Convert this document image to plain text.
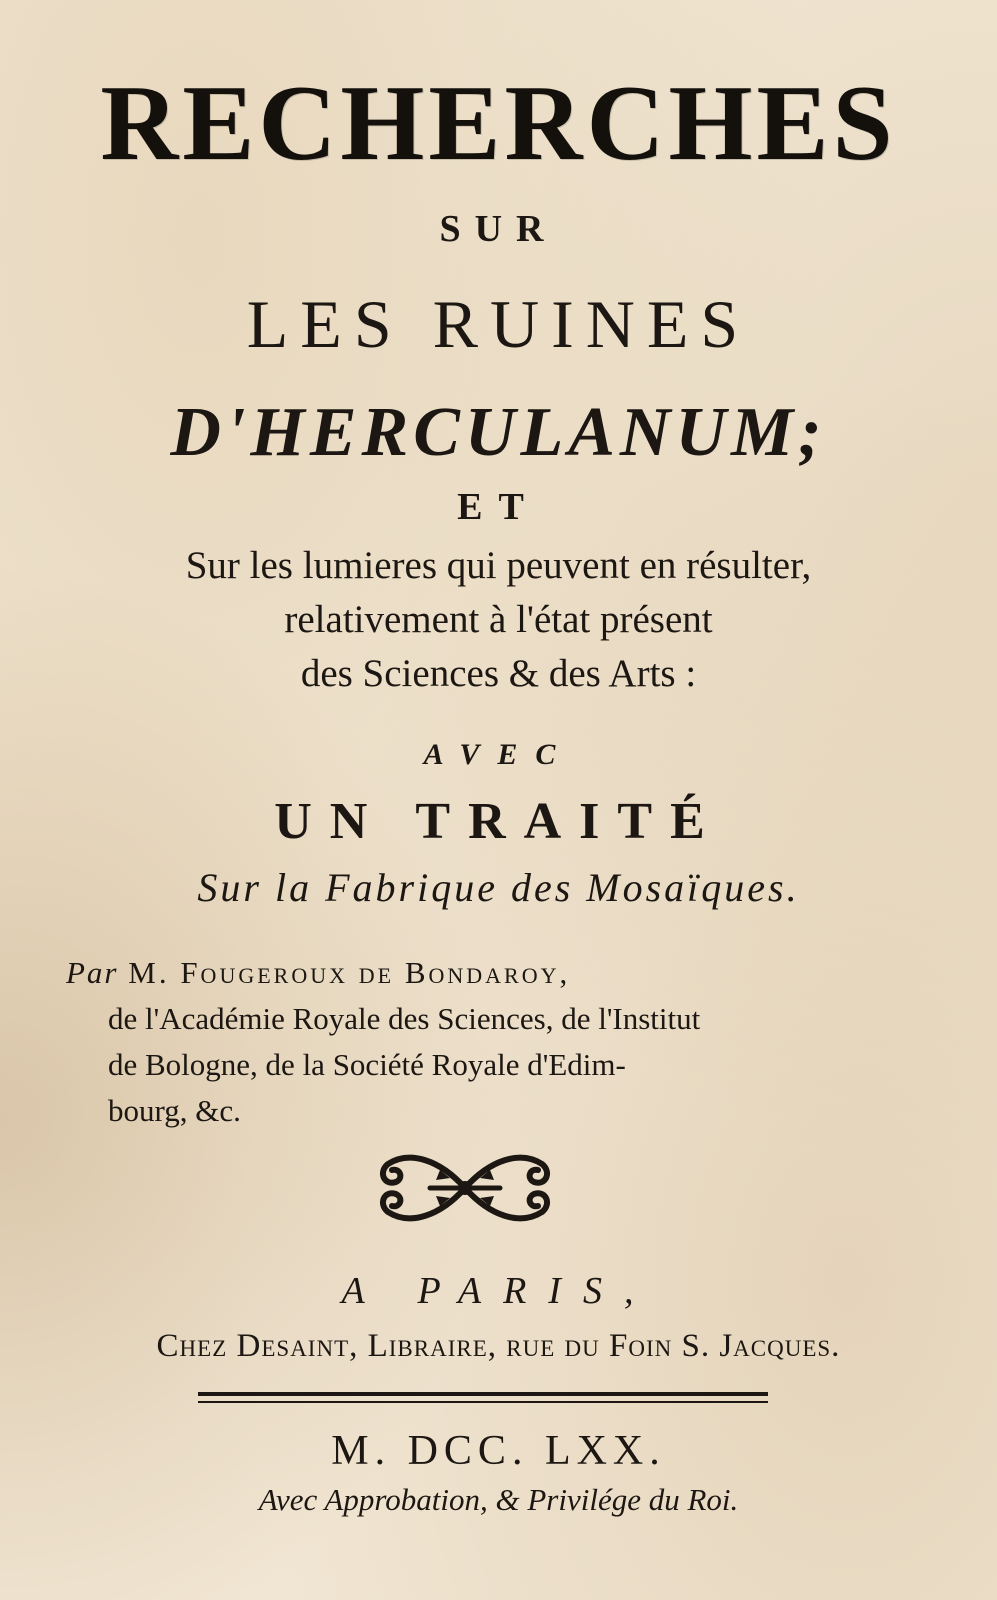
RECHERCHES
SUR
LES RUINES
D'HERCULANUM;
ET
Sur les lumieres qui peuvent en résulter,
relativement à l'état présent
des Sciences & des Arts :
AVEC
UN TRAITÉ
Sur la Fabrique des Mosaïques.
Par M. Fougeroux de Bondaroy,
de l'Académie Royale des Sciences, de l'Institut
de Bologne, de la Société Royale d'Edim-
bourg, &c.
A PARIS,
Chez Desaint, Libraire, rue du Foin S. Jacques.
M. DCC. LXX.
Avec Approbation, & Privilége du Roi.
